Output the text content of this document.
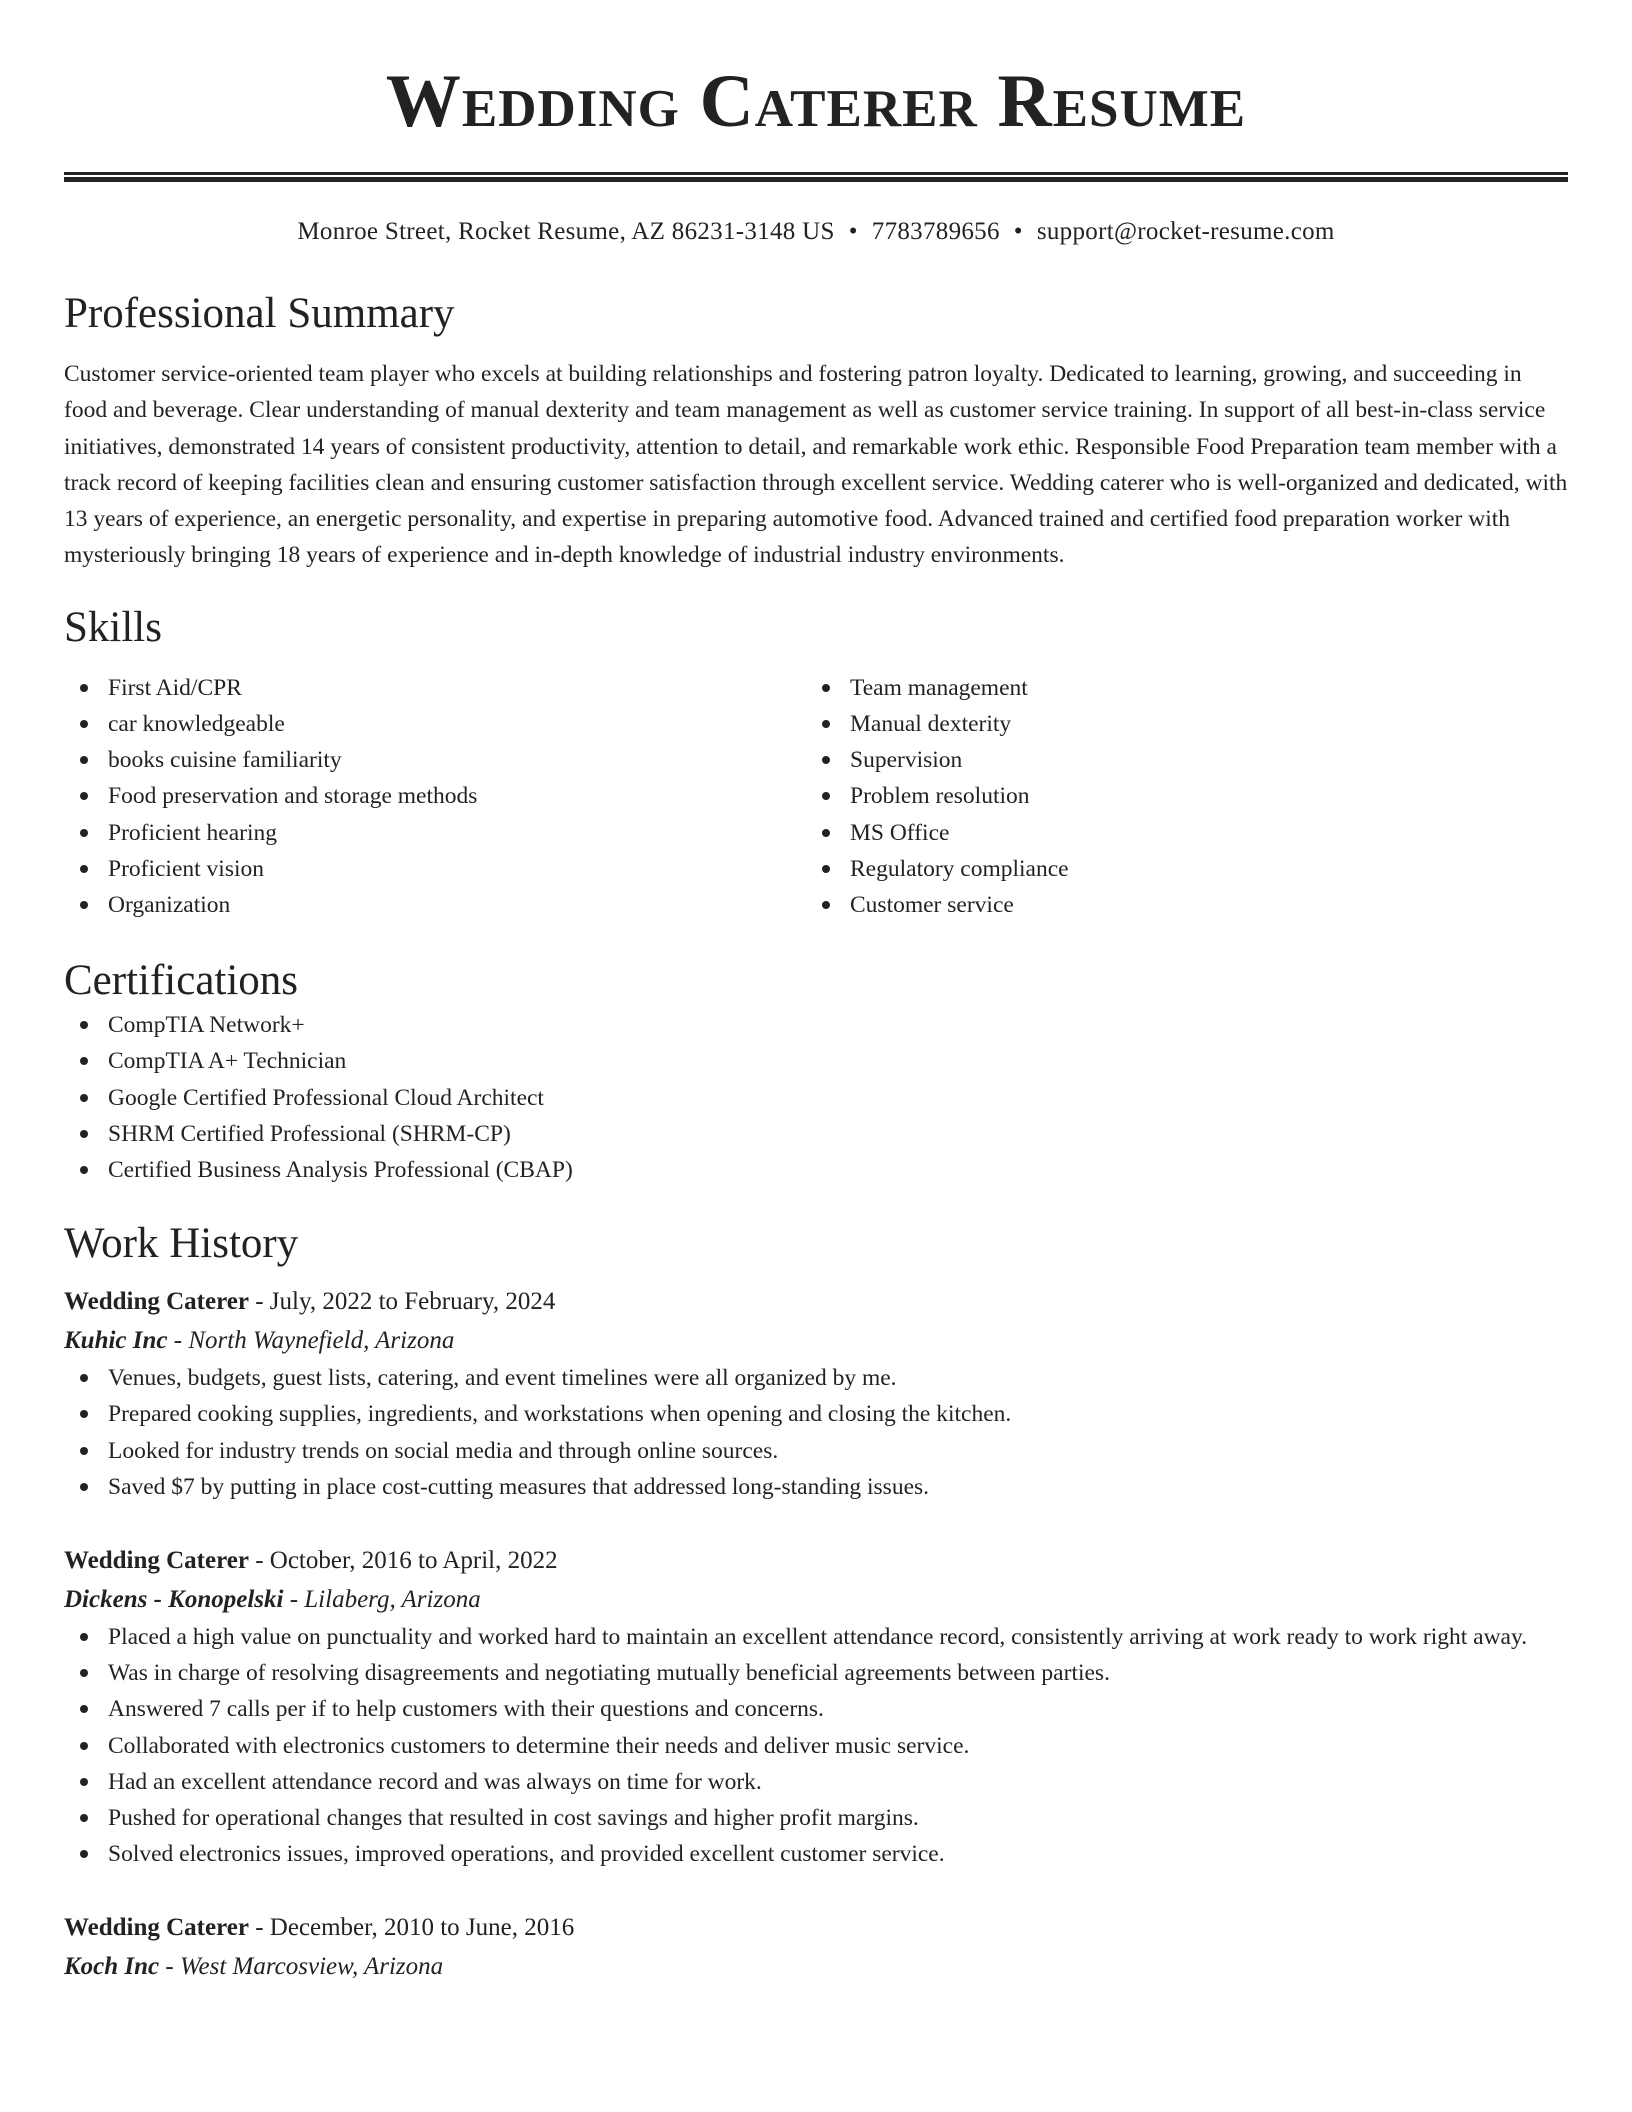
Wedding Caterer Resume
Monroe Street, Rocket Resume, AZ 86231-3148 US • 7783789656 • support@rocket-resume.com
Professional Summary

Customer service-oriented team player who excels at building relationships and fostering patron loyalty. Dedicated to learning, growing, and succeeding in food and beverage. Clear understanding of manual dexterity and team management as well as customer service training. In support of all best-in-class service initiatives, demonstrated 14 years of consistent productivity, attention to detail, and remarkable work ethic. Responsible Food Preparation team member with a track record of keeping facilities clean and ensuring customer satisfaction through excellent service. Wedding caterer who is well-organized and dedicated, with 13 years of experience, an energetic personality, and expertise in preparing automotive food. Advanced trained and certified food preparation worker with mysteriously bringing 18 years of experience and in-depth knowledge of industrial industry environments.

Skills
First Aid/CPR
car knowledgeable
books cuisine familiarity
Food preservation and storage methods
Proficient hearing
Proficient vision
Organization
Team management
Manual dexterity
Supervision
Problem resolution
MS Office
Regulatory compliance
Customer service
Certifications
CompTIA Network+
CompTIA A+ Technician
Google Certified Professional Cloud Architect
SHRM Certified Professional (SHRM-CP)
Certified Business Analysis Professional (CBAP)
Work History
Wedding Caterer - July, 2022 to February, 2024
Kuhic Inc - North Waynefield, Arizona
Venues, budgets, guest lists, catering, and event timelines were all organized by me.
Prepared cooking supplies, ingredients, and workstations when opening and closing the kitchen.
Looked for industry trends on social media and through online sources.
Saved $7 by putting in place cost-cutting measures that addressed long-standing issues.
Wedding Caterer - October, 2016 to April, 2022
Dickens - Konopelski - Lilaberg, Arizona
Placed a high value on punctuality and worked hard to maintain an excellent attendance record, consistently arriving at work ready to work right away.
Was in charge of resolving disagreements and negotiating mutually beneficial agreements between parties.
Answered 7 calls per if to help customers with their questions and concerns.
Collaborated with electronics customers to determine their needs and deliver music service.
Had an excellent attendance record and was always on time for work.
Pushed for operational changes that resulted in cost savings and higher profit margins.
Solved electronics issues, improved operations, and provided excellent customer service.
Wedding Caterer - December, 2010 to June, 2016
Koch Inc - West Marcosview, Arizona
